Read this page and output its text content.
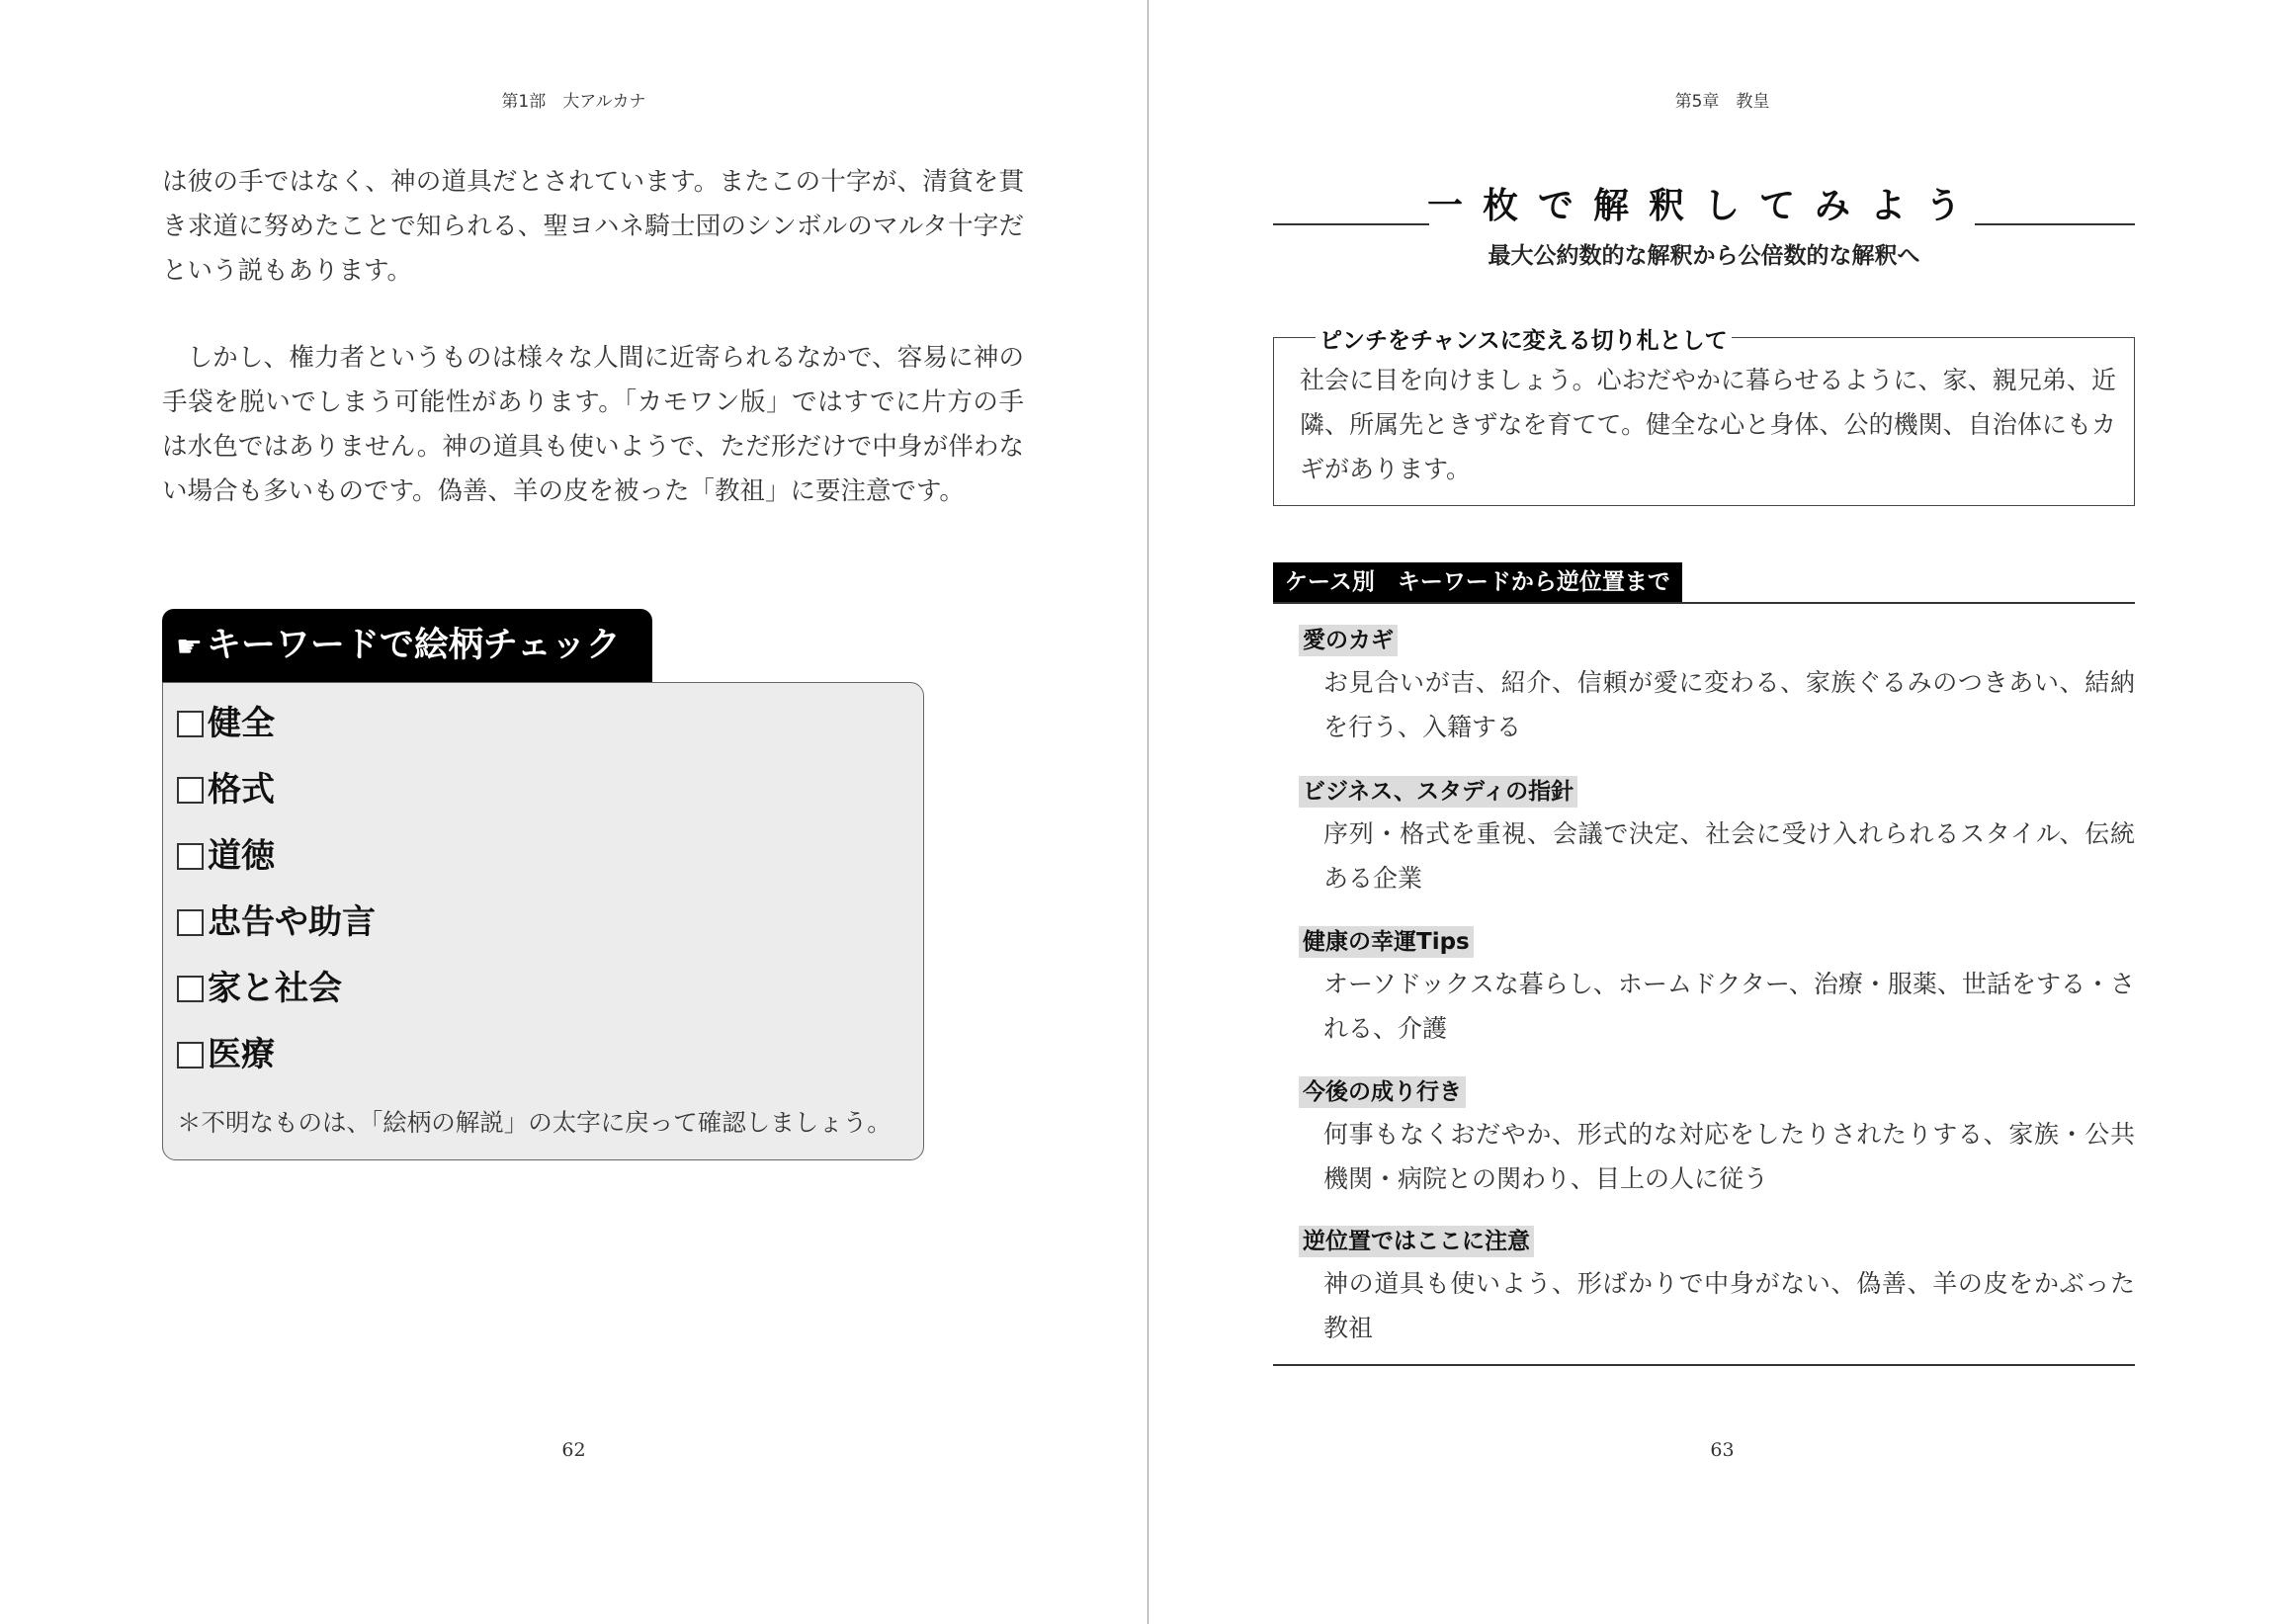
第1部　大アルカナ

は彼の手ではなく、神の道具だとされています。またこの十字が、清貧を貫き求道に努めたことで知られる、聖ヨハネ騎士団のシンボルのマルタ十字だという説もあります。

しかし、権力者というものは様々な人間に近寄られるなかで、容易に神の手袋を脱いでしまう可能性があります。「カモワン版」ではすでに片方の手は水色ではありません。神の道具も使いようで、ただ形だけで中身が伴わない場合も多いものです。偽善、羊の皮を被った「教祖」に要注意です。

☛ キーワードで絵柄チェック
健全
格式
道徳
忠告や助言
家と社会
医療
＊不明なものは、「絵柄の解説」の太字に戻って確認しましょう。
62
第5章　教皇
一枚で解釈してみよう
最大公約数的な解釈から公倍数的な解釈へ
ピンチをチャンスに変える切り札として

社会に目を向けましょう。心おだやかに暮らせるように、家、親兄弟、近隣、所属先ときずなを育てて。健全な心と身体、公的機関、自治体にもカギがあります。

ケース別　キーワードから逆位置まで
愛のカギ

お見合いが吉、紹介、信頼が愛に変わる、家族ぐるみのつきあい、結納を行う、入籍する

ビジネス、スタディの指針

序列・格式を重視、会議で決定、社会に受け入れられるスタイル、伝統ある企業

健康の幸運Tips

オーソドックスな暮らし、ホームドクター、治療・服薬、世話をする・される、介護

今後の成り行き

何事もなくおだやか、形式的な対応をしたりされたりする、家族・公共機関・病院との関わり、目上の人に従う

逆位置ではここに注意

神の道具も使いよう、形ばかりで中身がない、偽善、羊の皮をかぶった教祖

63
